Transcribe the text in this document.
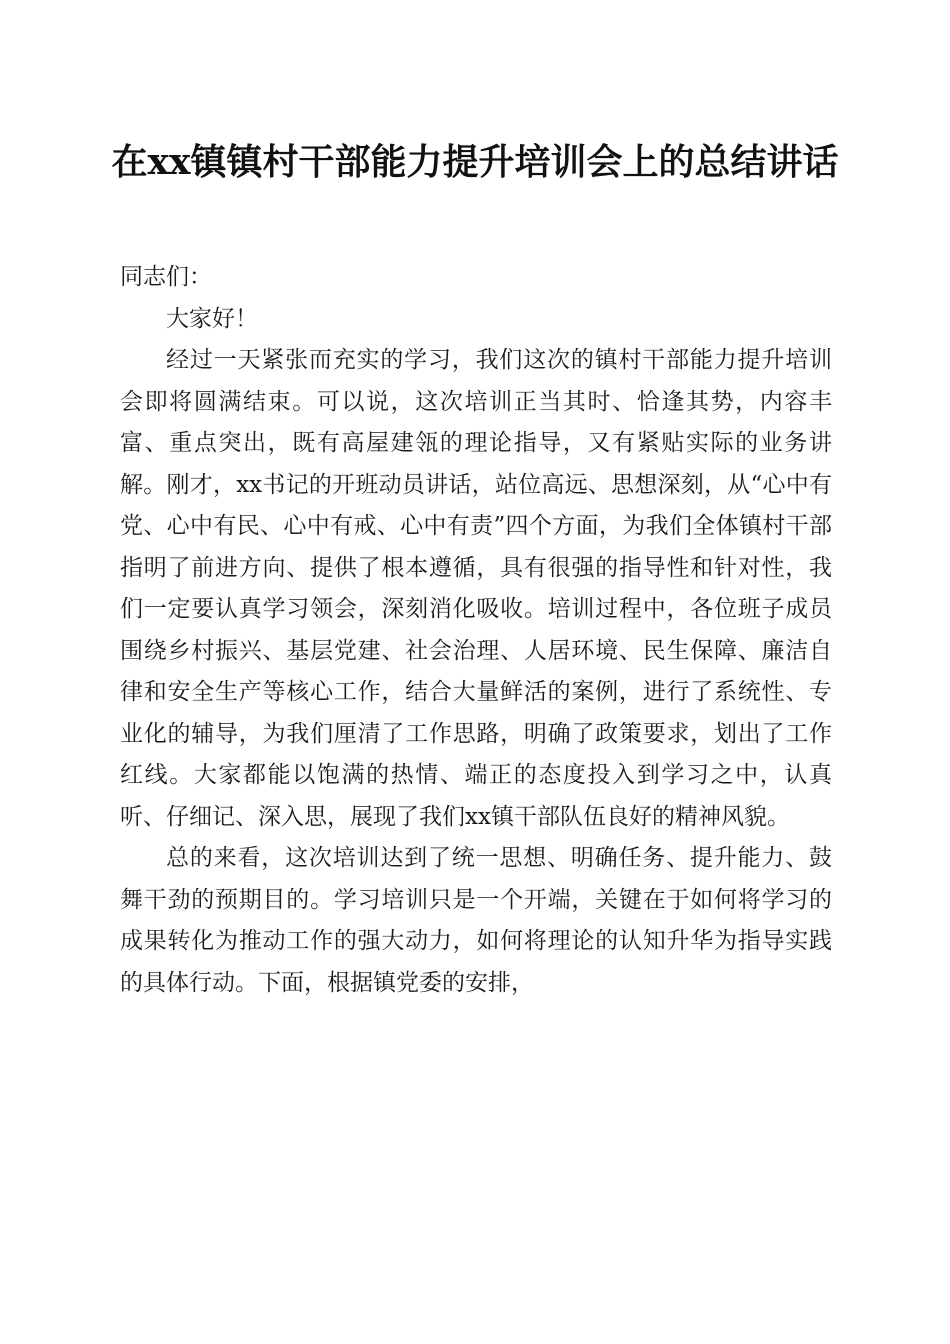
在xx镇镇村干部能力提升培训会上的总结讲话

同志们：

大家好！

经过一天紧张而充实的学习，我们这次的镇村干部能力提升培训会即将圆满结束。可以说，这次培训正当其时、恰逢其势，内容丰富、重点突出，既有高屋建瓴的理论指导，又有紧贴实际的业务讲解。刚才，xx书记的开班动员讲话，站位高远、思想深刻，从“心中有党、心中有民、心中有戒、心中有责”四个方面，为我们全体镇村干部指明了前进方向、提供了根本遵循，具有很强的指导性和针对性，我们一定要认真学习领会，深刻消化吸收。培训过程中，各位班子成员围绕乡村振兴、基层党建、社会治理、人居环境、民生保障、廉洁自律和安全生产等核心工作，结合大量鲜活的案例，进行了系统性、专业化的辅导，为我们厘清了工作思路，明确了政策要求，划出了工作红线。大家都能以饱满的热情、端正的态度投入到学习之中，认真听、仔细记、深入思，展现了我们xx镇干部队伍良好的精神风貌。

总的来看，这次培训达到了统一思想、明确任务、提升能力、鼓舞干劲的预期目的。学习培训只是一个开端，关键在于如何将学习的成果转化为推动工作的强大动力，如何将理论的认知升华为指导实践的具体行动。下面，根据镇党委的安排，
